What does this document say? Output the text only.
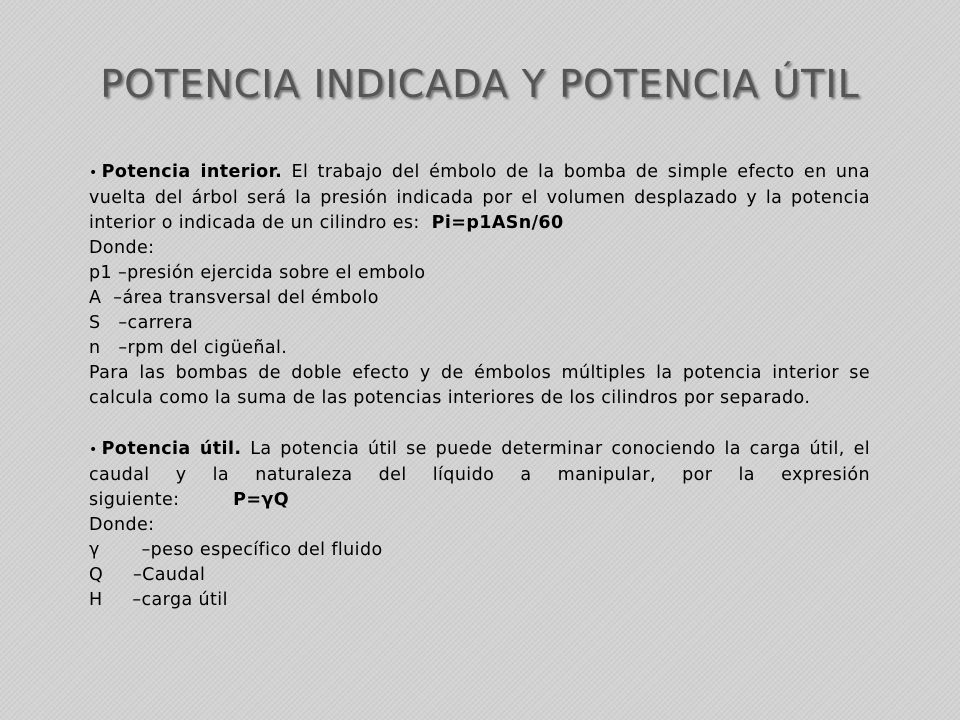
POTENCIA INDICADA Y POTENCIA ÚTIL
• Potencia interior. El trabajo del émbolo de la bomba de simple efecto en una vuelta del árbol será la presión indicada por el volumen desplazado y la potencia interior o indicada de un cilindro es: Pi=p1ASn/60
Donde:
p1 –presión ejercida sobre el embolo
A  –área transversal del émbolo
S   –carrera
n   –rpm del cigüeñal.
Para las bombas de doble efecto y de émbolos múltiples la potencia interior se calcula como la suma de las potencias interiores de los cilindros por separado.
• Potencia útil. La potencia útil se puede determinar conociendo la carga útil, el caudal y la naturaleza del líquido a manipular, por la expresión siguiente:	P=γQ
Donde:
γ       –peso específico del fluido
Q     –Caudal
H     –carga útil
